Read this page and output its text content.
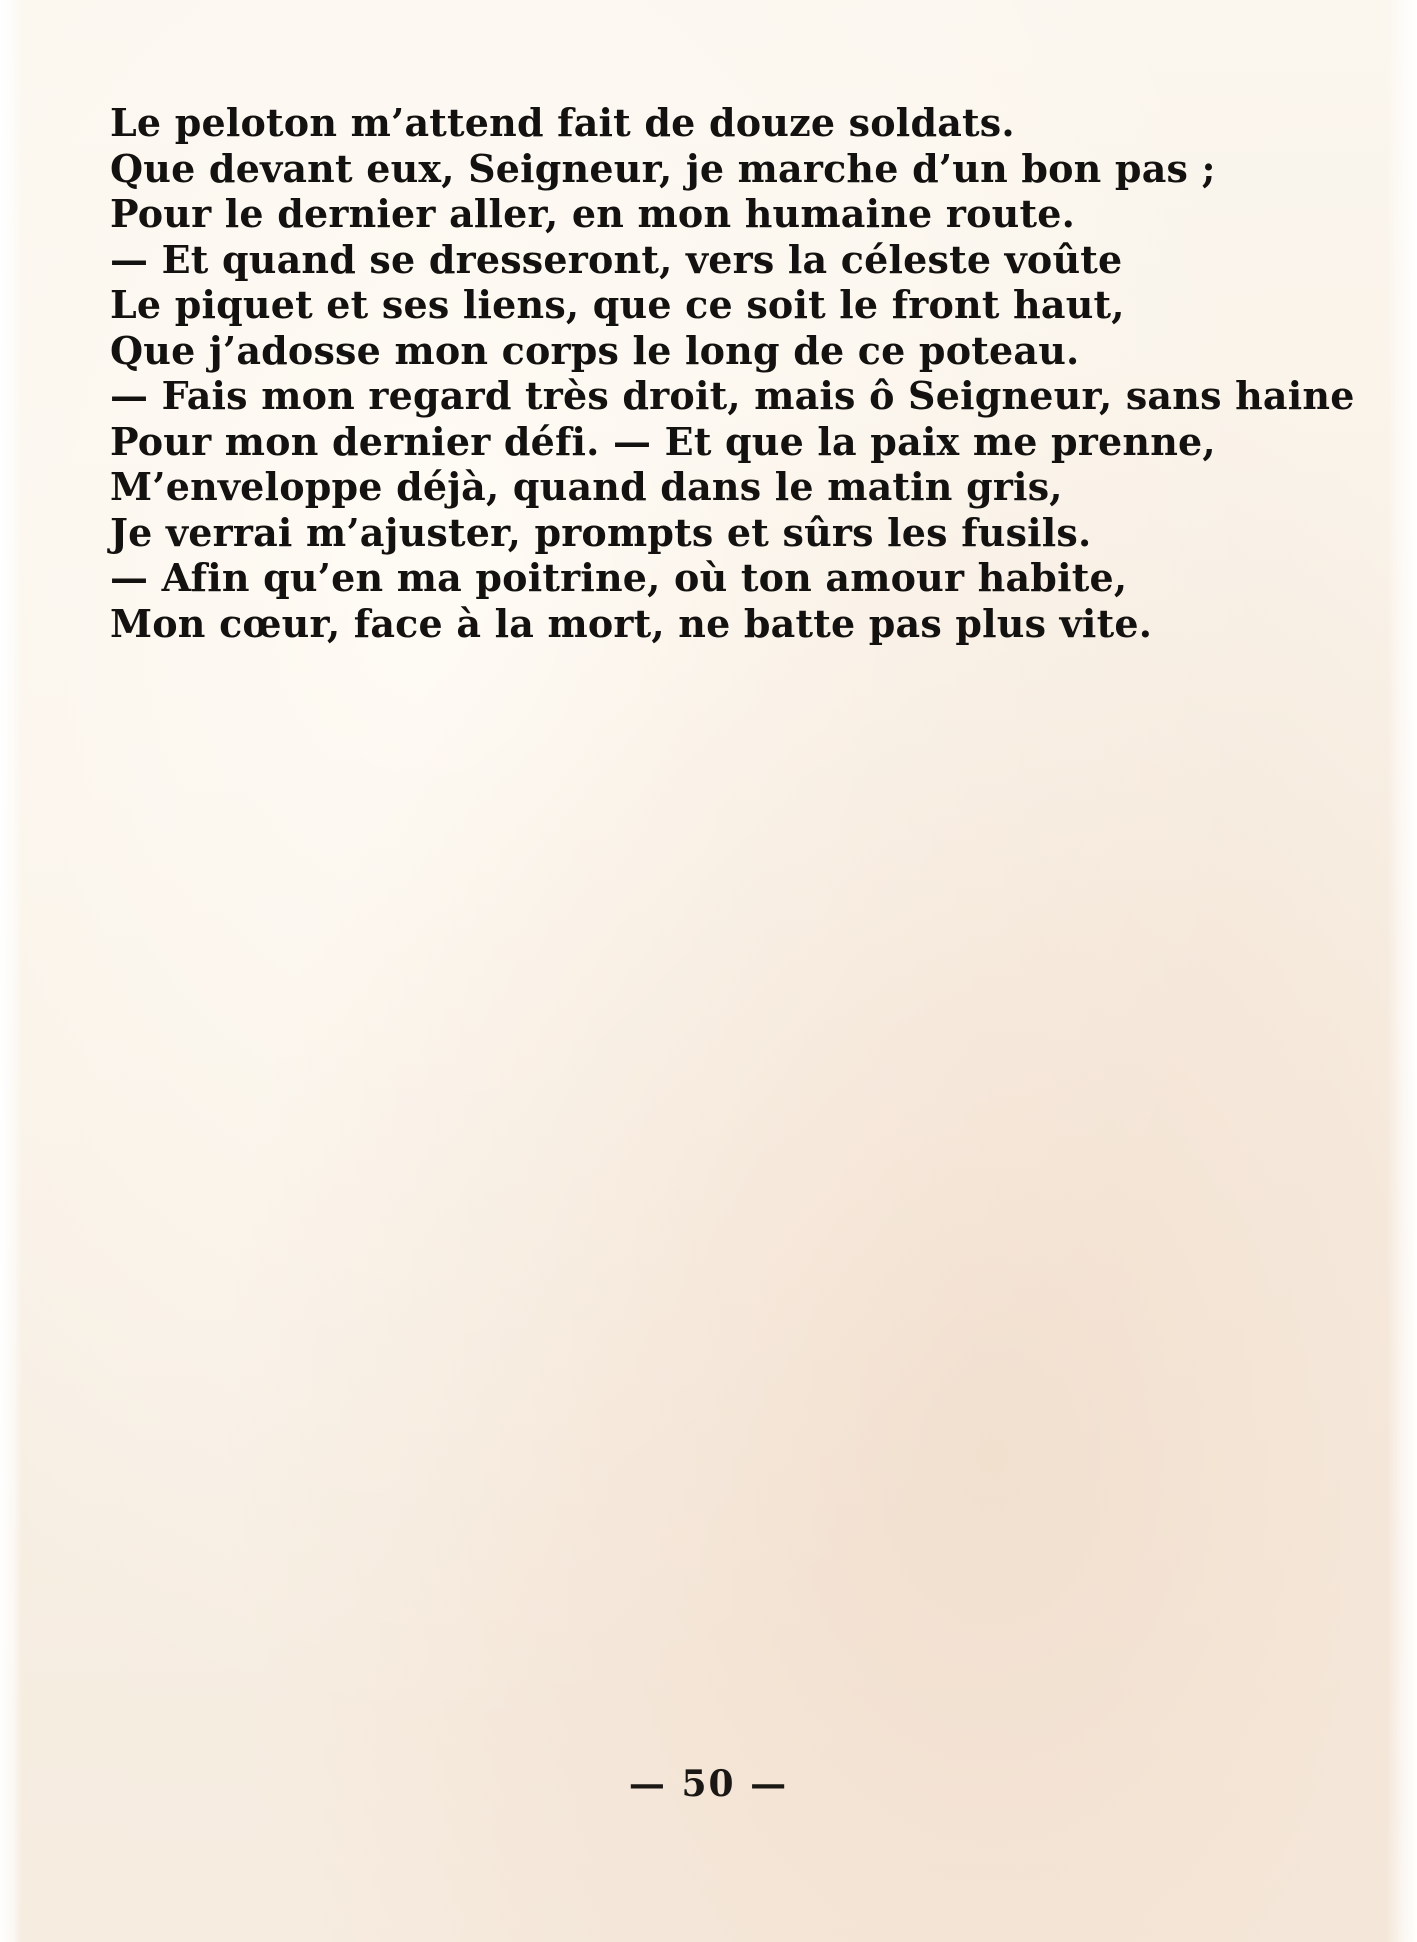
Le peloton m’attend fait de douze soldats.
Que devant eux, Seigneur, je marche d’un bon pas ;
Pour le dernier aller, en mon humaine route.
— Et quand se dresseront, vers la céleste voûte
Le piquet et ses liens, que ce soit le front haut,
Que j’adosse mon corps le long de ce poteau.
— Fais mon regard très droit, mais ô Seigneur, sans haine
Pour mon dernier défi. — Et que la paix me prenne,
M’enveloppe déjà, quand dans le matin gris,
Je verrai m’ajuster, prompts et sûrs les fusils.
— Afin qu’en ma poitrine, où ton amour habite,
Mon cœur, face à la mort, ne batte pas plus vite.
— 50 —
